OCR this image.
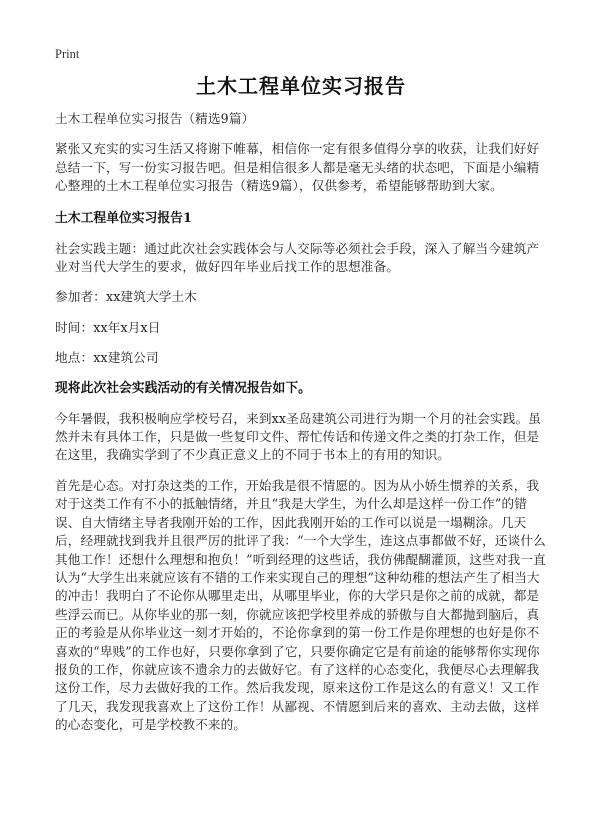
Print
土木工程单位实习报告

土木工程单位实习报告（精选9篇）

紧张又充实的实习生活又将谢下帷幕，相信你一定有很多值得分享的收获，让我们好好总结一下，写一份实习报告吧。但是相信很多人都是毫无头绪的状态吧，下面是小编精心整理的土木工程单位实习报告（精选9篇），仅供参考，希望能够帮助到大家。

土木工程单位实习报告1

社会实践主题：通过此次社会实践体会与人交际等必须社会手段，深入了解当今建筑产业对当代大学生的要求，做好四年毕业后找工作的思想准备。

参加者：xx建筑大学土木

时间：xx年x月x日

地点：xx建筑公司

现将此次社会实践活动的有关情况报告如下。

今年暑假，我积极响应学校号召，来到xx圣岛建筑公司进行为期一个月的社会实践。虽然并未有具体工作，只是做一些复印文件、帮忙传话和传递文件之类的打杂工作，但是在这里，我确实学到了不少真正意义上的不同于书本上的有用的知识。

首先是心态。对打杂这类的工作，开始我是很不情愿的。因为从小娇生惯养的关系，我对于这类工作有不小的抵触情绪，并且“我是大学生，为什么却是这样一份工作”的错误、自大情绪主导者我刚开始的工作，因此我刚开始的工作可以说是一塌糊涂。几天后，经理就找到我并且很严厉的批评了我：“一个大学生，连这点事都做不好，还谈什么其他工作！还想什么理想和抱负！”听到经理的这些话，我仿佛醍醐灌顶，这些对我一直认为“大学生出来就应该有不错的工作来实现自己的理想”这种幼稚的想法产生了相当大的冲击！我明白了不论你从哪里走出，从哪里毕业，你的大学只是你之前的成就，都是些浮云而已。从你毕业的那一刻，你就应该把学校里养成的骄傲与自大都抛到脑后，真正的考验是从你毕业这一刻才开始的，不论你拿到的第一份工作是你理想的也好是你不喜欢的“卑贱”的工作也好，只要你拿到了它，只要你确定它是有前途的能够帮你实现你报负的工作，你就应该不遗余力的去做好它。有了这样的心态变化，我便尽心去理解我这份工作，尽力去做好我的工作。然后我发现，原来这份工作是这么的有意义！又工作了几天，我发现我喜欢上了这份工作！从鄙视、不情愿到后来的喜欢、主动去做，这样的心态变化，可是学校教不来的。
